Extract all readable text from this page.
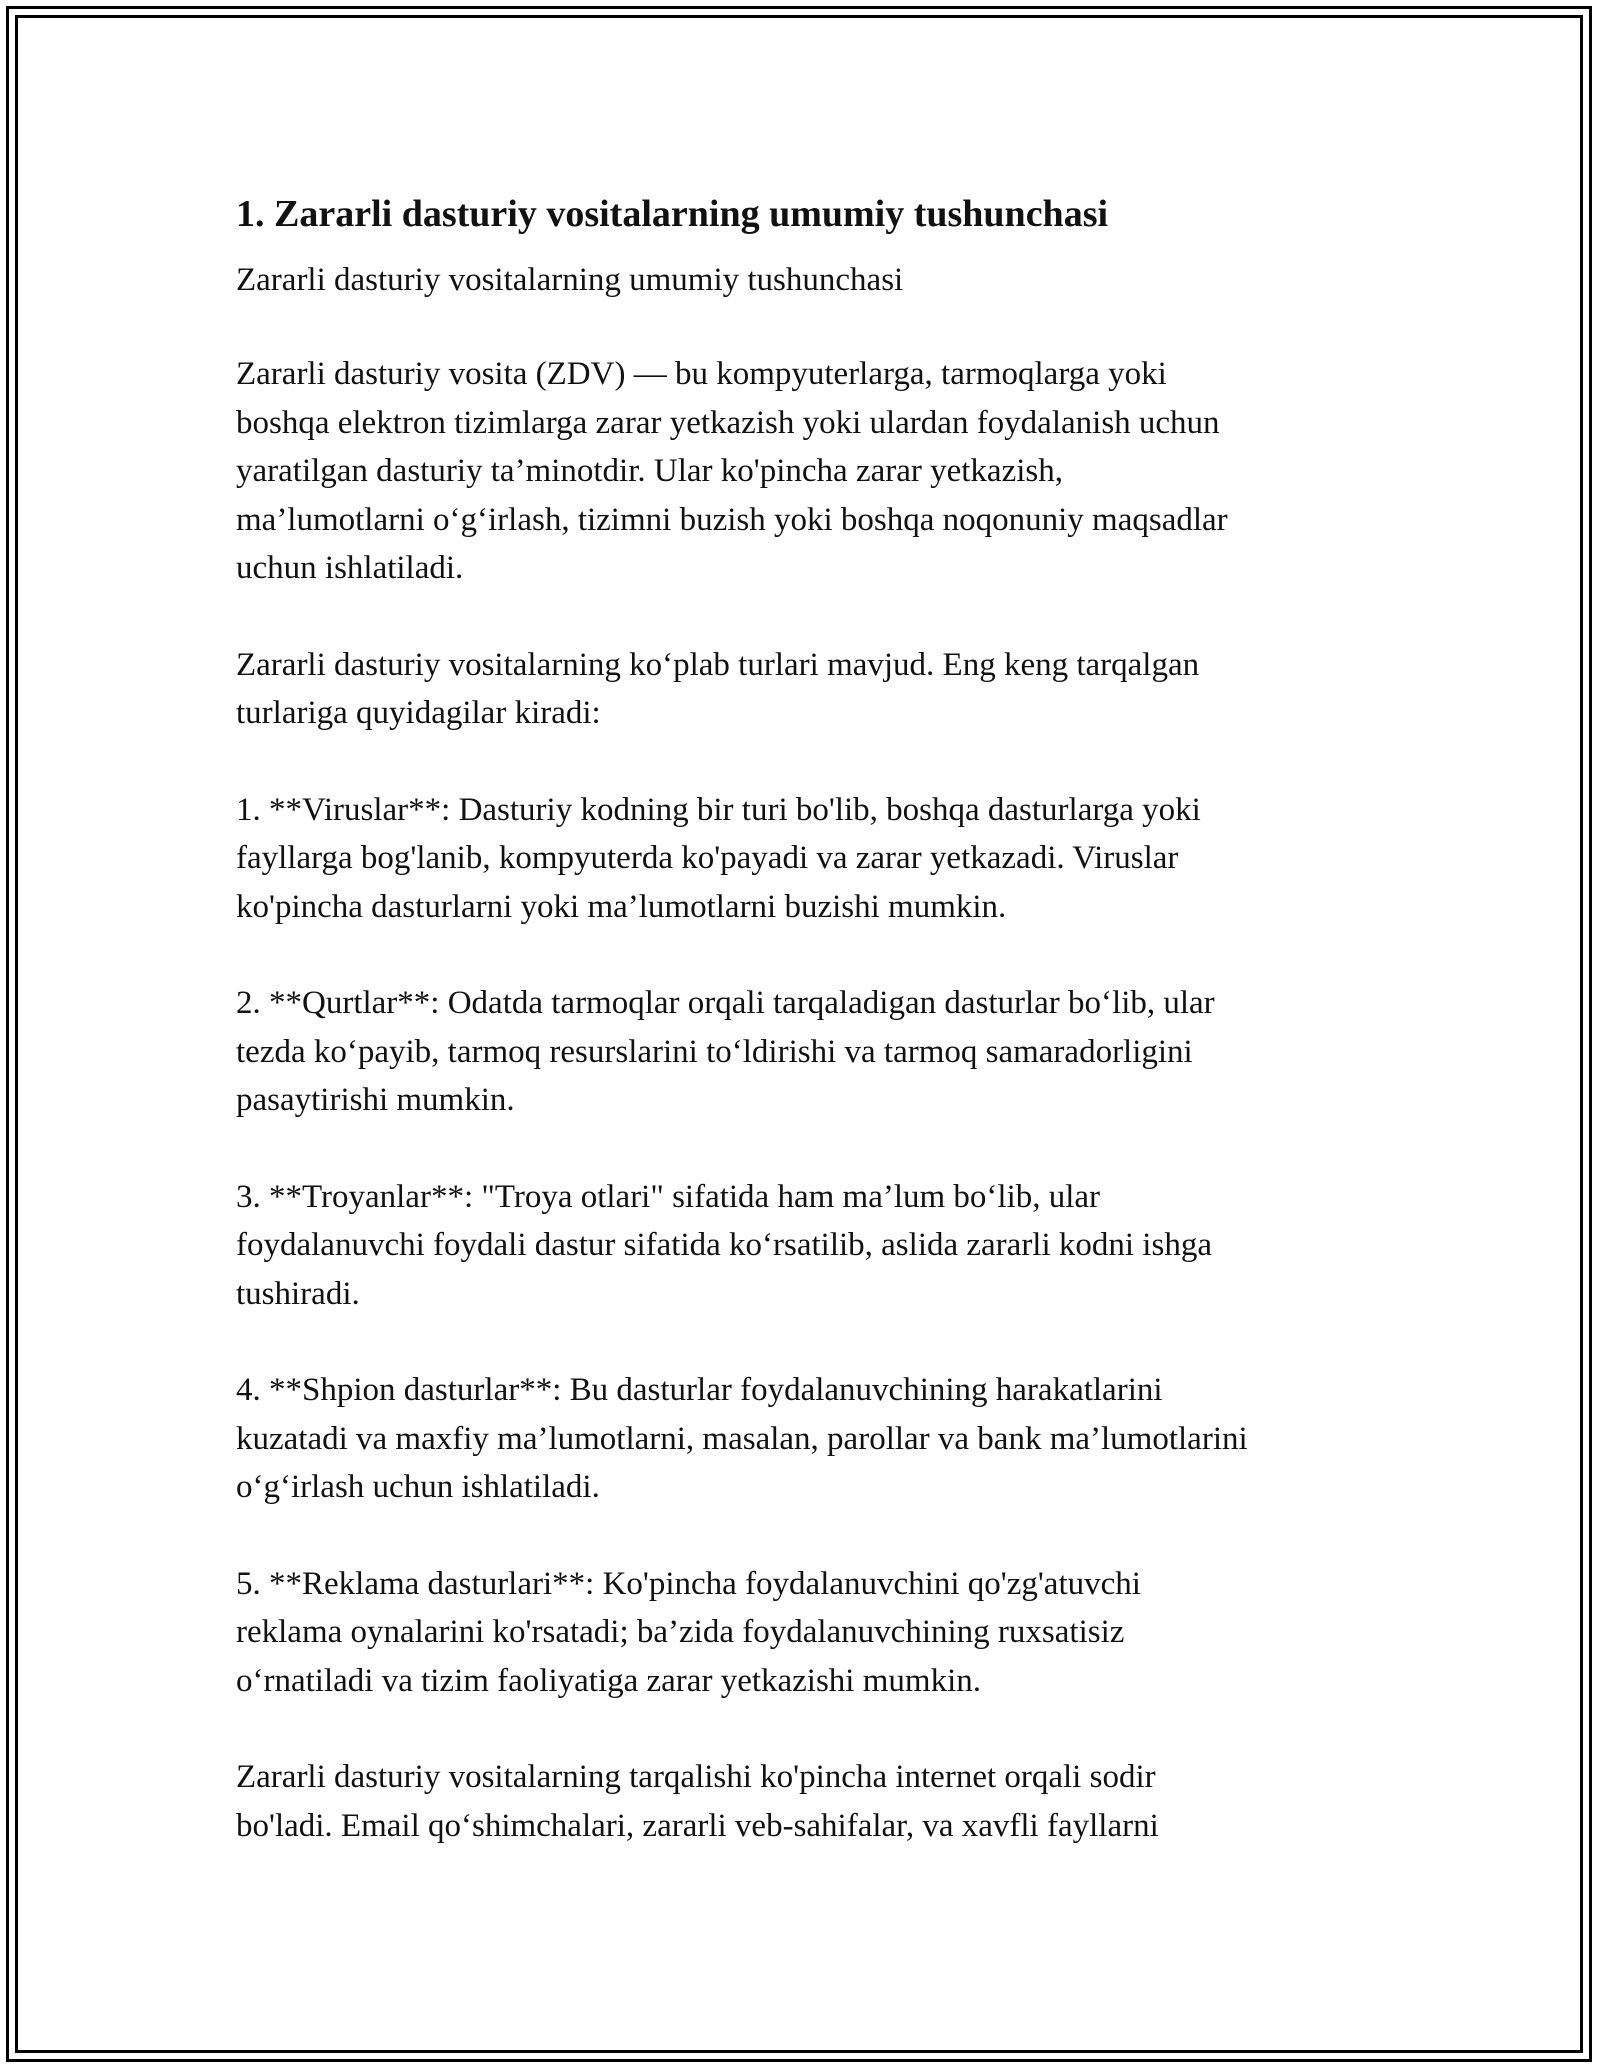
1. Zararli dasturiy vositalarning umumiy tushunchasi

Zararli dasturiy vositalarning umumiy tushunchasi

Zararli dasturiy vosita (ZDV) — bu kompyuterlarga, tarmoqlarga yoki
boshqa elektron tizimlarga zarar yetkazish yoki ulardan foydalanish uchun
yaratilgan dasturiy ta’minotdir. Ular ko'pincha zarar yetkazish,
ma’lumotlarni o‘g‘irlash, tizimni buzish yoki boshqa noqonuniy maqsadlar
uchun ishlatiladi.

Zararli dasturiy vositalarning ko‘plab turlari mavjud. Eng keng tarqalgan
turlariga quyidagilar kiradi:

1. **Viruslar**: Dasturiy kodning bir turi bo'lib, boshqa dasturlarga yoki
fayllarga bog'lanib, kompyuterda ko'payadi va zarar yetkazadi. Viruslar
ko'pincha dasturlarni yoki ma’lumotlarni buzishi mumkin.

2. **Qurtlar**: Odatda tarmoqlar orqali tarqaladigan dasturlar bo‘lib, ular
tezda ko‘payib, tarmoq resurslarini to‘ldirishi va tarmoq samaradorligini
pasaytirishi mumkin.

3. **Troyanlar**: "Troya otlari" sifatida ham ma’lum bo‘lib, ular
foydalanuvchi foydali dastur sifatida ko‘rsatilib, aslida zararli kodni ishga
tushiradi.

4. **Shpion dasturlar**: Bu dasturlar foydalanuvchining harakatlarini
kuzatadi va maxfiy ma’lumotlarni, masalan, parollar va bank ma’lumotlarini
o‘g‘irlash uchun ishlatiladi.

5. **Reklama dasturlari**: Ko'pincha foydalanuvchini qo'zg'atuvchi
reklama oynalarini ko'rsatadi; ba’zida foydalanuvchining ruxsatisiz
o‘rnatiladi va tizim faoliyatiga zarar yetkazishi mumkin.

Zararli dasturiy vositalarning tarqalishi ko'pincha internet orqali sodir
bo'ladi. Email qo‘shimchalari, zararli veb-sahifalar, va xavfli fayllarni
